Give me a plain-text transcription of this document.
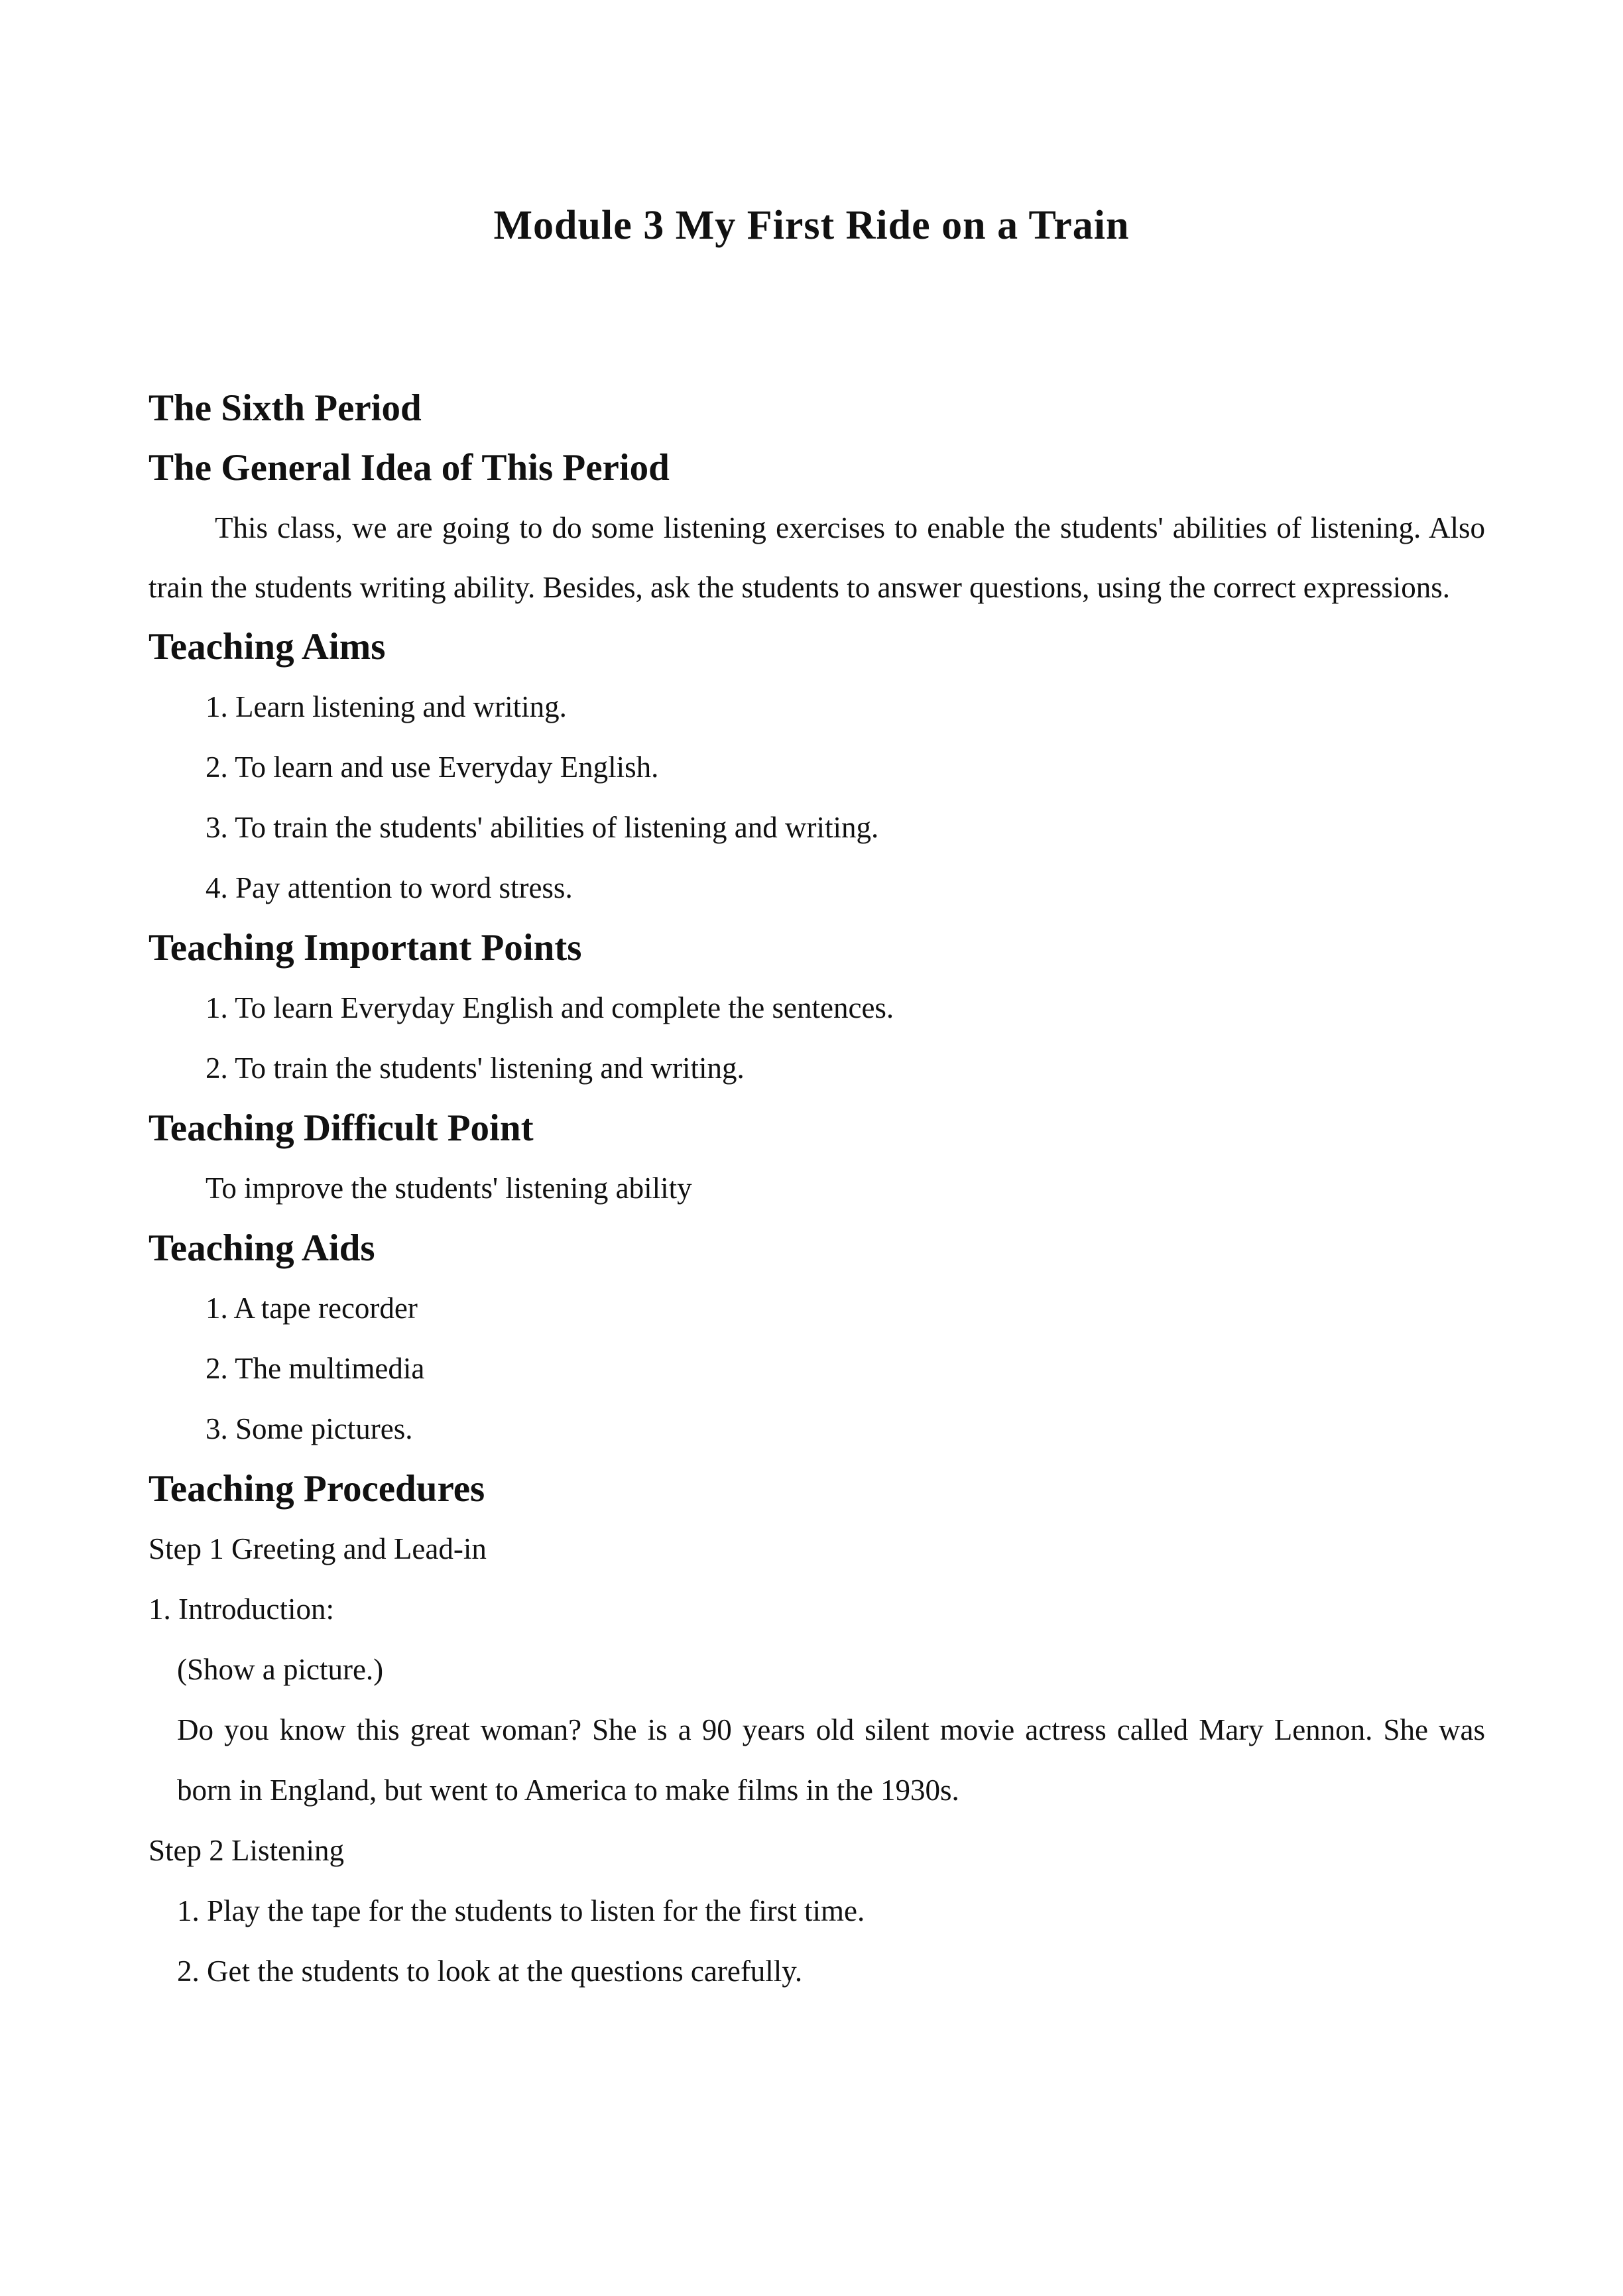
Module 3 My First Ride on a Train
The Sixth Period
The General Idea of This Period

This class, we are going to do some listening exercises to enable the students' abilities of listening. Also train the students writing ability. Besides, ask the students to answer questions, using the correct expressions.

Teaching Aims
1. Learn listening and writing.
2. To learn and use Everyday English.
3. To train the students' abilities of listening and writing.
4. Pay attention to word stress.
Teaching Important Points
1. To learn Everyday English and complete the sentences.
2. To train the students' listening and writing.
Teaching Difficult Point
To improve the students' listening ability
Teaching Aids
1. A tape recorder
2. The multimedia
3. Some pictures.
Teaching Procedures
Step 1 Greeting and Lead-in
1. Introduction:
(Show a picture.)

Do you know this great woman? She is a 90 years old silent movie actress called Mary Lennon. She was born in England, but went to America to make films in the 1930s.

Step 2 Listening
1. Play the tape for the students to listen for the first time.
2. Get the students to look at the questions carefully.
